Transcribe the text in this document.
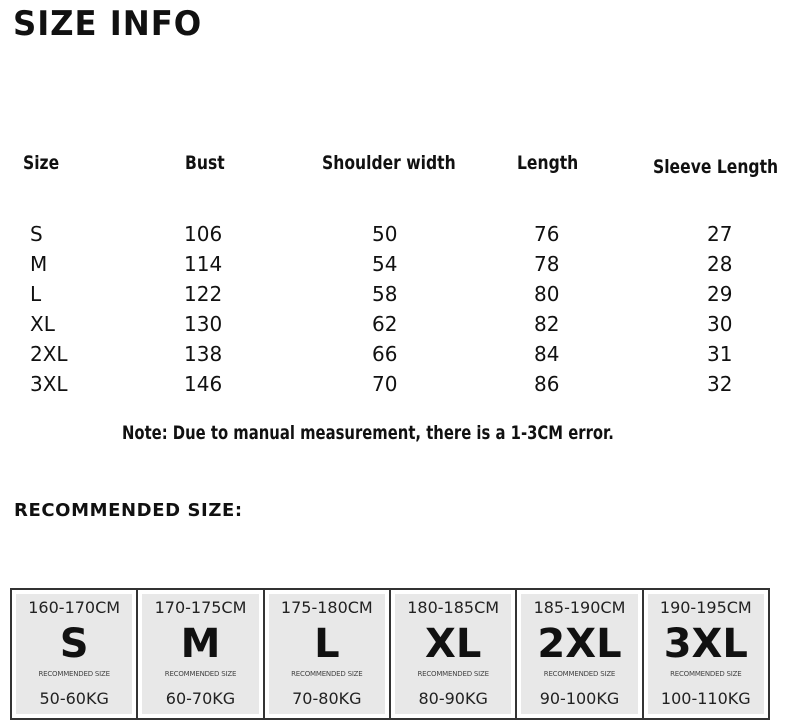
SIZE INFO
Size	Bust	Shoulder width	Length	Sleeve Length
S	106	50	76	27
M	114	54	78	28
L	122	58	80	29
XL	130	62	82	30
2XL	138	66	84	31
3XL	146	70	86	32
Note: Due to manual measurement, there is a 1-3CM error.
RECOMMENDED SIZE:
160-170CM
S
RECOMMENDED SIZE
50-60KG
170-175CM
M
RECOMMENDED SIZE
60-70KG
175-180CM
L
RECOMMENDED SIZE
70-80KG
180-185CM
XL
RECOMMENDED SIZE
80-90KG
185-190CM
2XL
RECOMMENDED SIZE
90-100KG
190-195CM
3XL
RECOMMENDED SIZE
100-110KG
